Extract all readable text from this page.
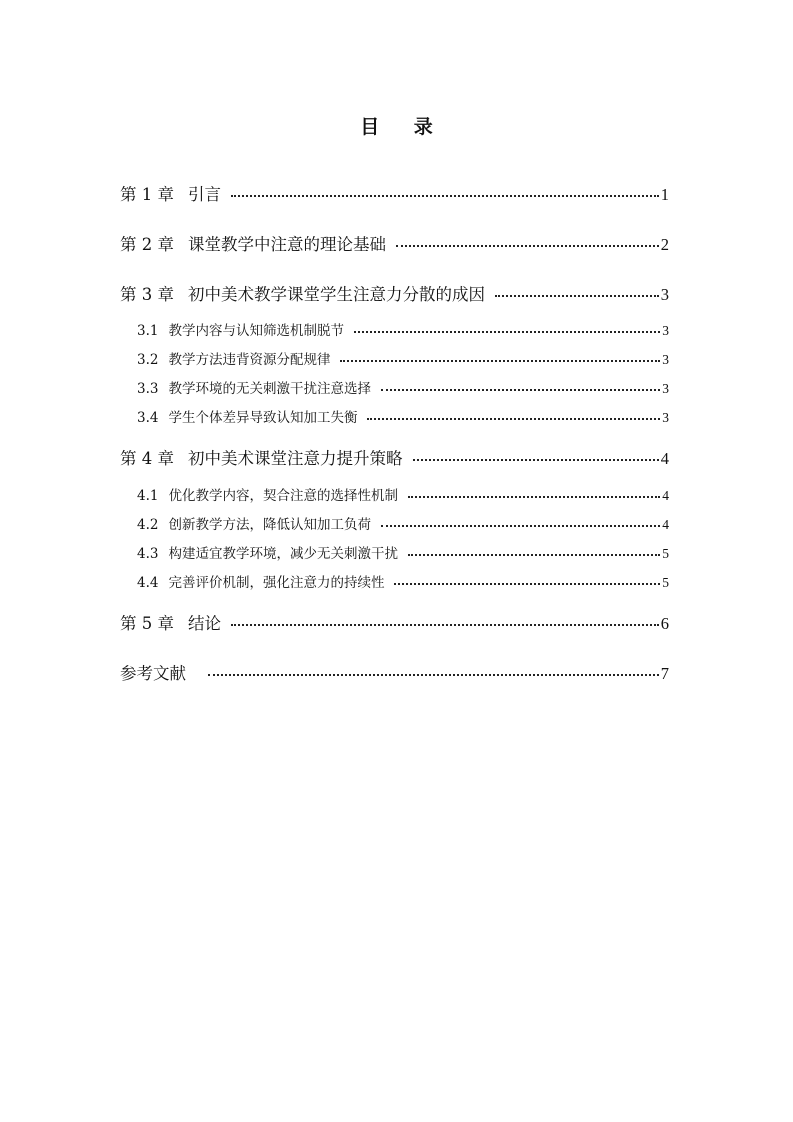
目 录
第 1 章 引言	1
第 2 章 课堂教学中注意的理论基础	2
第 3 章 初中美术教学课堂学生注意力分散的成因	3
3.1 教学内容与认知筛选机制脱节	3
3.2 教学方法违背资源分配规律	3
3.3 教学环境的无关刺激干扰注意选择	3
3.4 学生个体差异导致认知加工失衡	3
第 4 章 初中美术课堂注意力提升策略	4
4.1 优化教学内容，契合注意的选择性机制	4
4.2 创新教学方法，降低认知加工负荷	4
4.3 构建适宜教学环境，减少无关刺激干扰	5
4.4 完善评价机制，强化注意力的持续性	5
第 5 章 结论	6
参考文献	7
